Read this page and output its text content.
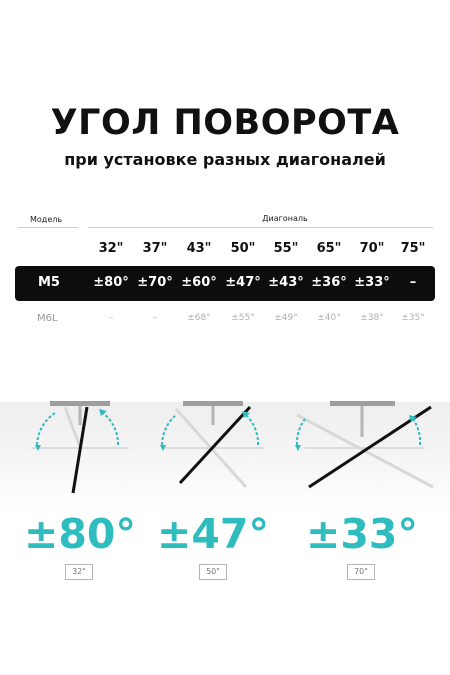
УГОЛ ПОВОРОТА
при установке разных диагоналей
Модель	Диагональ
32"	37"	43"	50"	55"	65"	70"	75"
M5	±80° ±70° ±60° ±47° ±43° ±36° ±33°	–
M6L	–	–	±68°	±55°	±49°	±40°	±38°	±35°
±80° ±47° ±33°
32"	50"	70"
